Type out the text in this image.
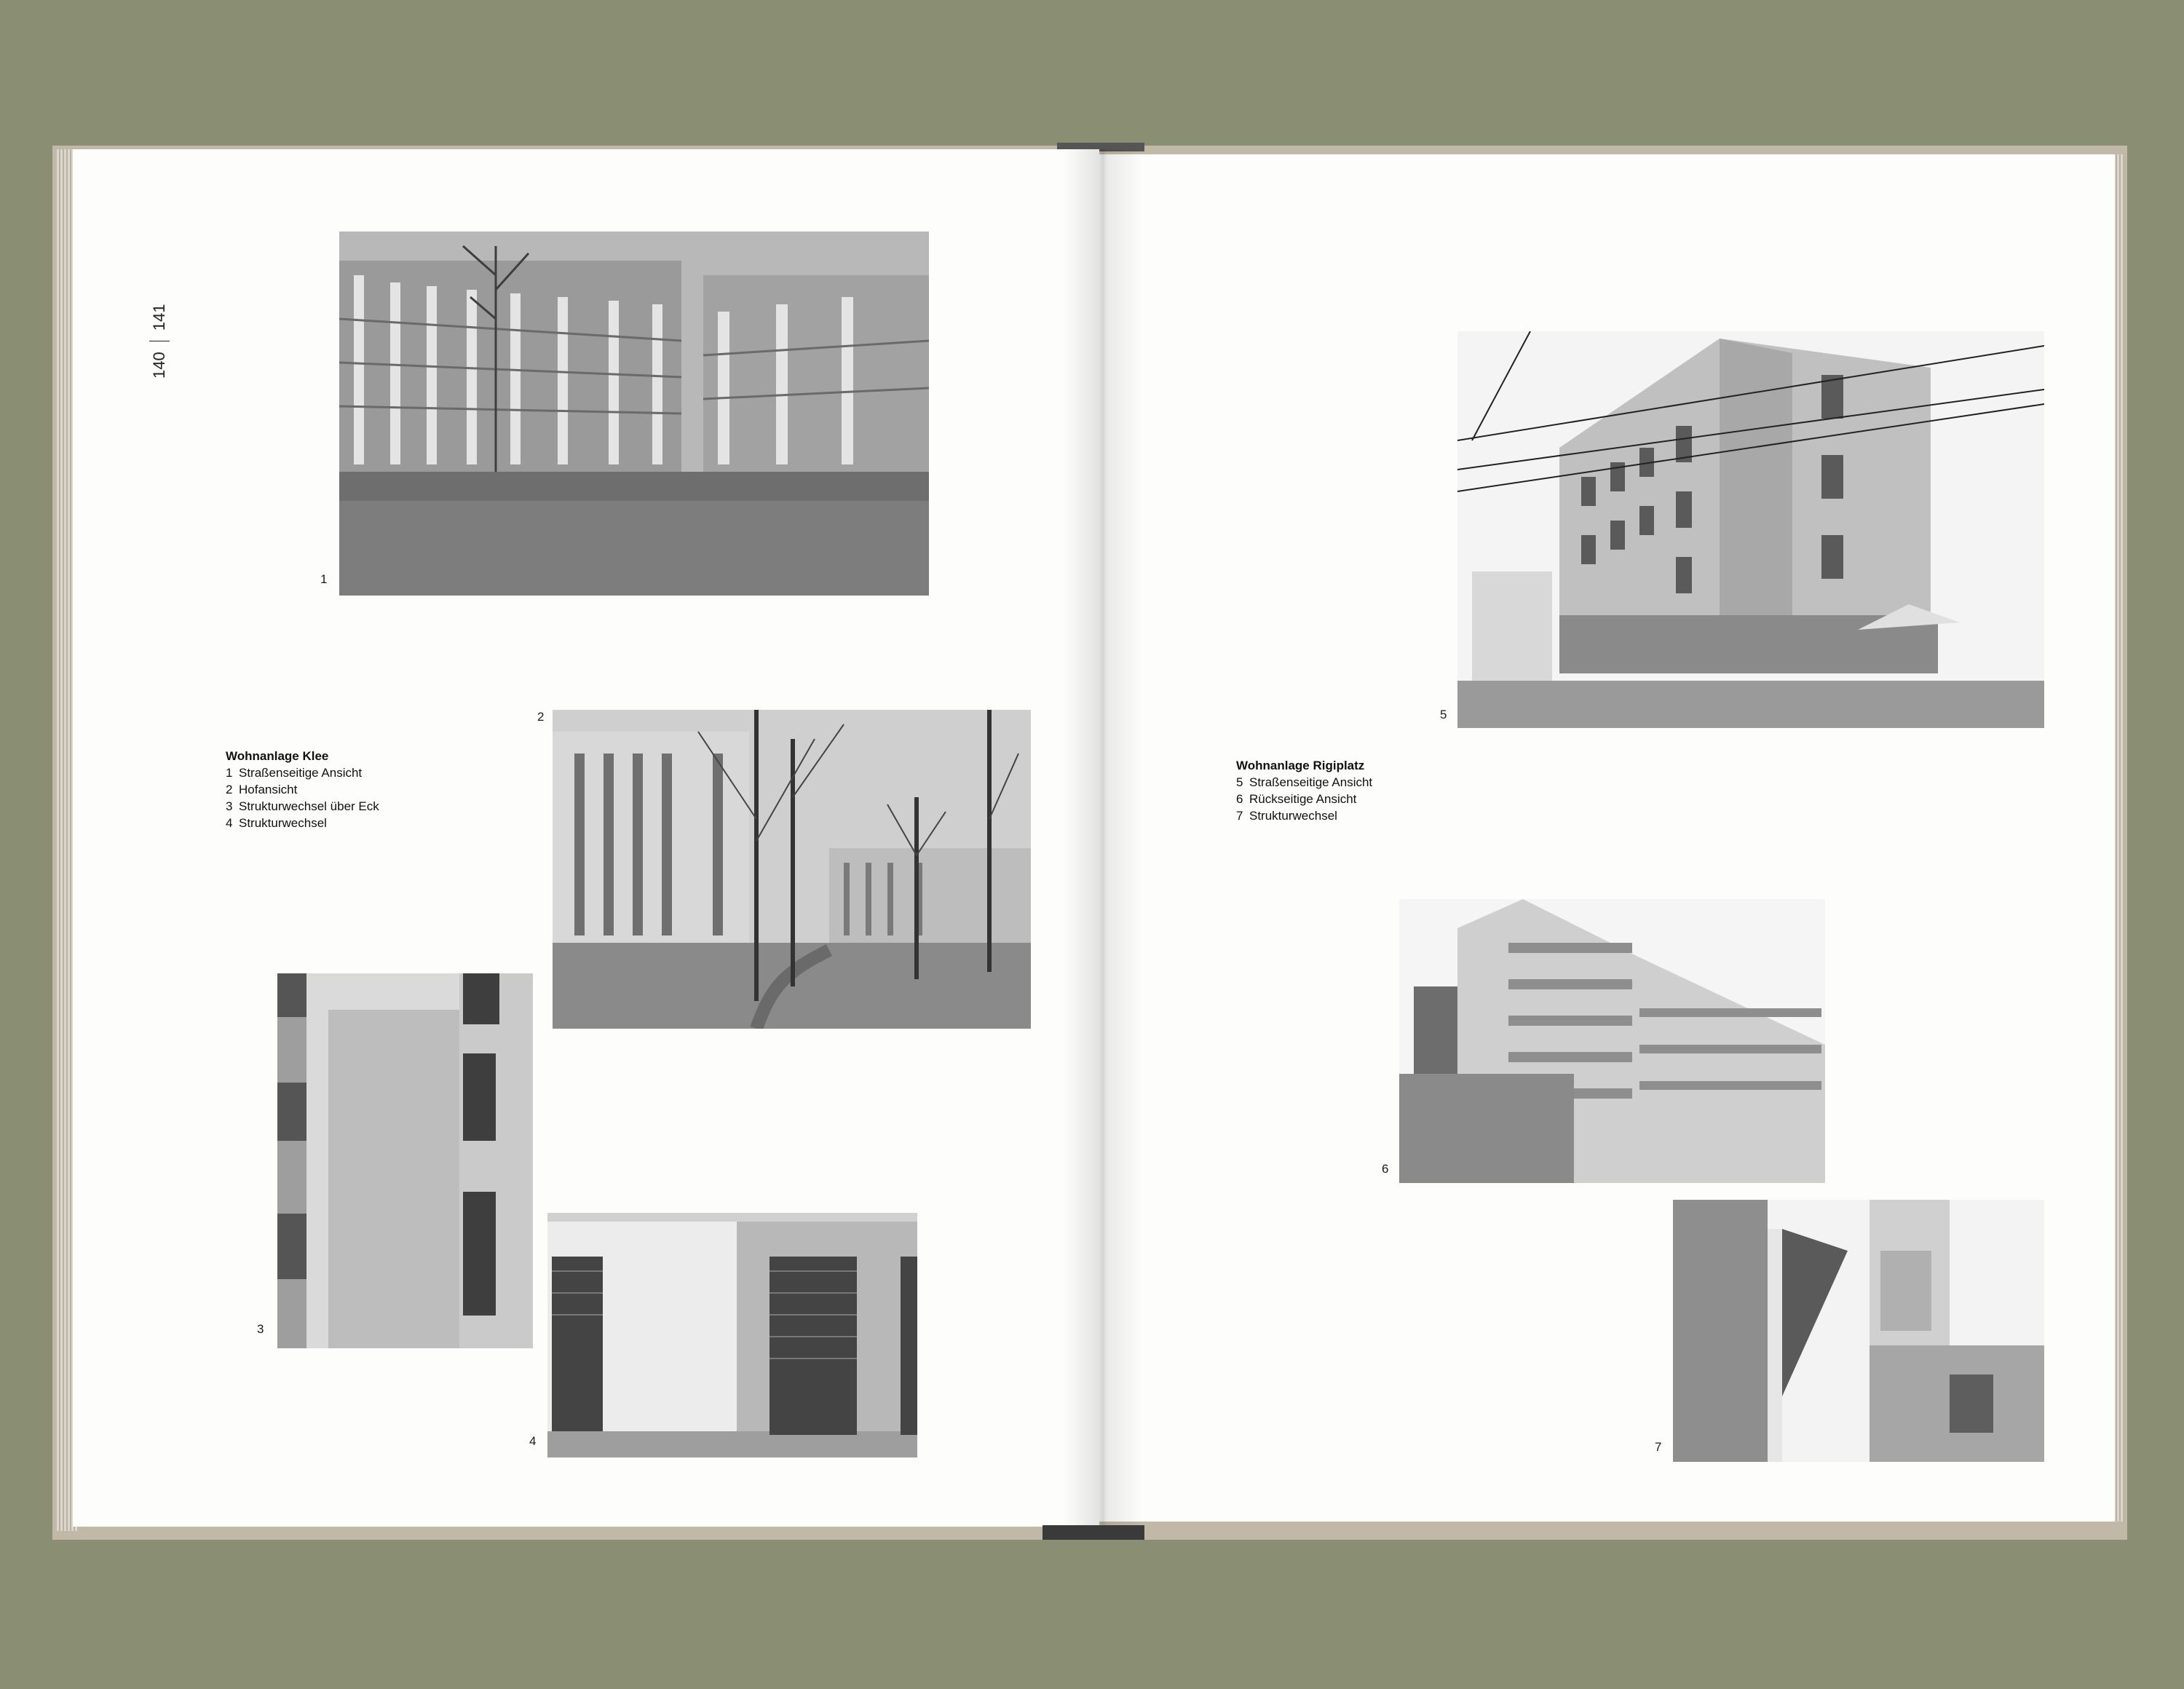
140
141
1
2
3
4
Wohnanlage Klee
1 Straßenseitige Ansicht
2 Hofansicht
3 Strukturwechsel über Eck
4 Strukturwechsel
5
6
7
Wohnanlage Rigiplatz
5 Straßenseitige Ansicht
6 Rückseitige Ansicht
7 Strukturwechsel
